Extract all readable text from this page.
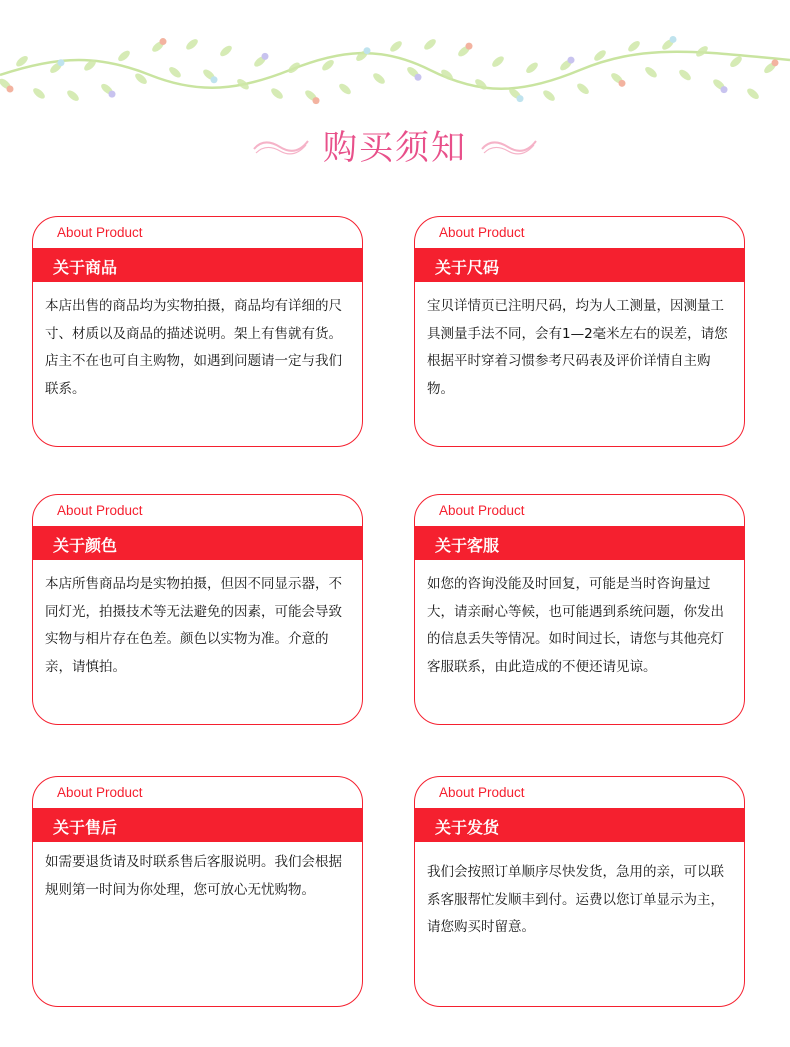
购买须知
About Product
关于商品
本店出售的商品均为实物拍摄，商品均有详细的尺寸、材质以及商品的描述说明。架上有售就有货。店主不在也可自主购物，如遇到问题请一定与我们联系。
About Product
关于尺码
宝贝详情页已注明尺码，均为人工测量，因测量工具测量手法不同，会有1—2毫米左右的误差，请您根据平时穿着习惯参考尺码表及评价详情自主购物。
About Product
关于颜色
本店所售商品均是实物拍摄，但因不同显示器，不同灯光，拍摄技术等无法避免的因素，可能会导致实物与相片存在色差。颜色以实物为准。介意的亲，请慎拍。
About Product
关于客服
如您的咨询没能及时回复，可能是当时咨询量过大，请亲耐心等候，也可能遇到系统问题，你发出的信息丢失等情况。如时间过长，请您与其他亮灯客服联系，由此造成的不便还请见谅。
About Product
关于售后
如需要退货请及时联系售后客服说明。我们会根据规则第一时间为你处理，您可放心无忧购物。
About Product
关于发货
我们会按照订单顺序尽快发货，急用的亲，可以联系客服帮忙发顺丰到付。运费以您订单显示为主，请您购买时留意。
